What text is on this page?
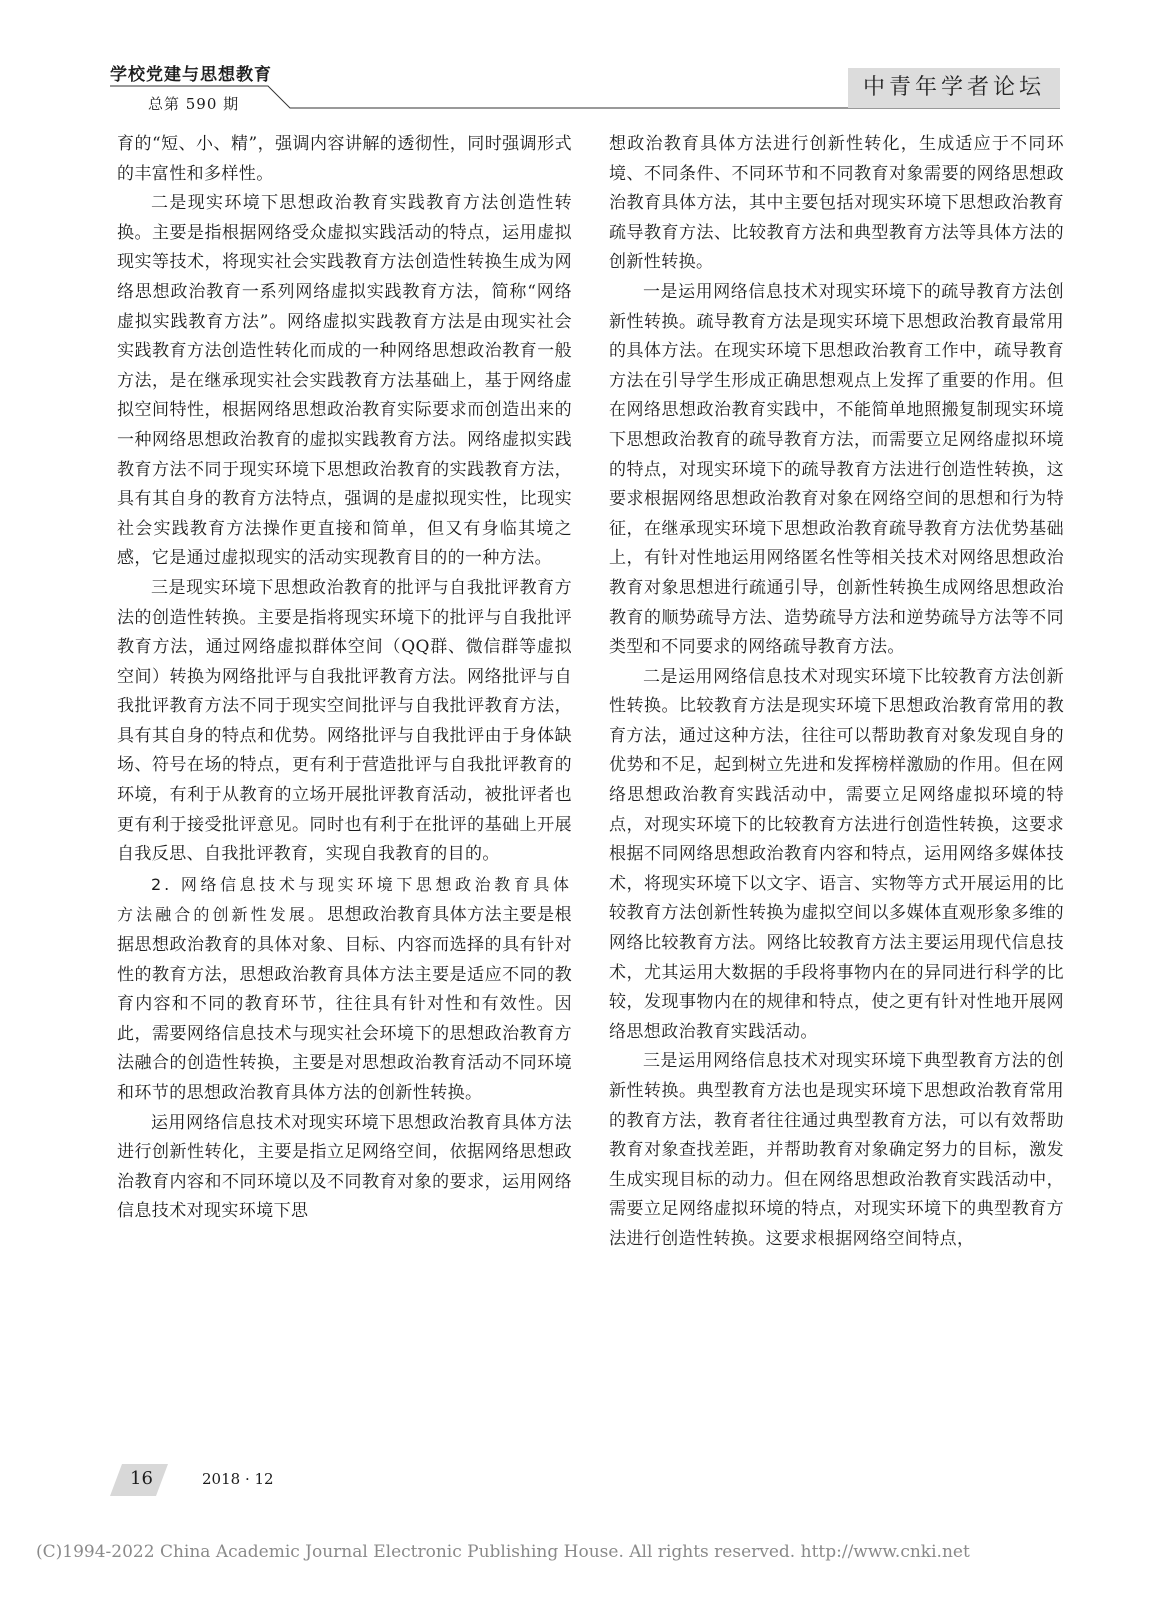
学校党建与思想教育
总第 590 期
中青年学者论坛

育的“短、小、精”，强调内容讲解的透彻性，同时强调形式的丰富性和多样性。

二是现实环境下思想政治教育实践教育方法创造性转换。主要是指根据网络受众虚拟实践活动的特点，运用虚拟现实等技术，将现实社会实践教育方法创造性转换生成为网络思想政治教育一系列网络虚拟实践教育方法，简称“网络虚拟实践教育方法”。网络虚拟实践教育方法是由现实社会实践教育方法创造性转化而成的一种网络思想政治教育一般方法，是在继承现实社会实践教育方法基础上，基于网络虚拟空间特性，根据网络思想政治教育实际要求而创造出来的一种网络思想政治教育的虚拟实践教育方法。网络虚拟实践教育方法不同于现实环境下思想政治教育的实践教育方法，具有其自身的教育方法特点，强调的是虚拟现实性，比现实社会实践教育方法操作更直接和简单，但又有身临其境之感，它是通过虚拟现实的活动实现教育目的的一种方法。

三是现实环境下思想政治教育的批评与自我批评教育方法的创造性转换。主要是指将现实环境下的批评与自我批评教育方法，通过网络虚拟群体空间（QQ群、微信群等虚拟空间）转换为网络批评与自我批评教育方法。网络批评与自我批评教育方法不同于现实空间批评与自我批评教育方法，具有其自身的特点和优势。网络批评与自我批评由于身体缺场、符号在场的特点，更有利于营造批评与自我批评教育的环境，有利于从教育的立场开展批评教育活动，被批评者也更有利于接受批评意见。同时也有利于在批评的基础上开展自我反思、自我批评教育，实现自我教育的目的。

2. 网络信息技术与现实环境下思想政治教育具体方法融合的创新性发展。思想政治教育具体方法主要是根据思想政治教育的具体对象、目标、内容而选择的具有针对性的教育方法，思想政治教育具体方法主要是适应不同的教育内容和不同的教育环节，往往具有针对性和有效性。因此，需要网络信息技术与现实社会环境下的思想政治教育方法融合的创造性转换，主要是对思想政治教育活动不同环境和环节的思想政治教育具体方法的创新性转换。

运用网络信息技术对现实环境下思想政治教育具体方法进行创新性转化，主要是指立足网络空间，依据网络思想政治教育内容和不同环境以及不同教育对象的要求，运用网络信息技术对现实环境下思

想政治教育具体方法进行创新性转化，生成适应于不同环境、不同条件、不同环节和不同教育对象需要的网络思想政治教育具体方法，其中主要包括对现实环境下思想政治教育疏导教育方法、比较教育方法和典型教育方法等具体方法的创新性转换。

一是运用网络信息技术对现实环境下的疏导教育方法创新性转换。疏导教育方法是现实环境下思想政治教育最常用的具体方法。在现实环境下思想政治教育工作中，疏导教育方法在引导学生形成正确思想观点上发挥了重要的作用。但在网络思想政治教育实践中，不能简单地照搬复制现实环境下思想政治教育的疏导教育方法，而需要立足网络虚拟环境的特点，对现实环境下的疏导教育方法进行创造性转换，这要求根据网络思想政治教育对象在网络空间的思想和行为特征，在继承现实环境下思想政治教育疏导教育方法优势基础上，有针对性地运用网络匿名性等相关技术对网络思想政治教育对象思想进行疏通引导，创新性转换生成网络思想政治教育的顺势疏导方法、造势疏导方法和逆势疏导方法等不同类型和不同要求的网络疏导教育方法。

二是运用网络信息技术对现实环境下比较教育方法创新性转换。比较教育方法是现实环境下思想政治教育常用的教育方法，通过这种方法，往往可以帮助教育对象发现自身的优势和不足，起到树立先进和发挥榜样激励的作用。但在网络思想政治教育实践活动中，需要立足网络虚拟环境的特点，对现实环境下的比较教育方法进行创造性转换，这要求根据不同网络思想政治教育内容和特点，运用网络多媒体技术，将现实环境下以文字、语言、实物等方式开展运用的比较教育方法创新性转换为虚拟空间以多媒体直观形象多维的网络比较教育方法。网络比较教育方法主要运用现代信息技术，尤其运用大数据的手段将事物内在的异同进行科学的比较，发现事物内在的规律和特点，使之更有针对性地开展网络思想政治教育实践活动。

三是运用网络信息技术对现实环境下典型教育方法的创新性转换。典型教育方法也是现实环境下思想政治教育常用的教育方法，教育者往往通过典型教育方法，可以有效帮助教育对象查找差距，并帮助教育对象确定努力的目标，激发生成实现目标的动力。但在网络思想政治教育实践活动中，需要立足网络虚拟环境的特点，对现实环境下的典型教育方法进行创造性转换。这要求根据网络空间特点，

16	2018 · 12
(C)1994-2022 China Academic Journal Electronic Publishing House. All rights reserved. http://www.cnki.net
